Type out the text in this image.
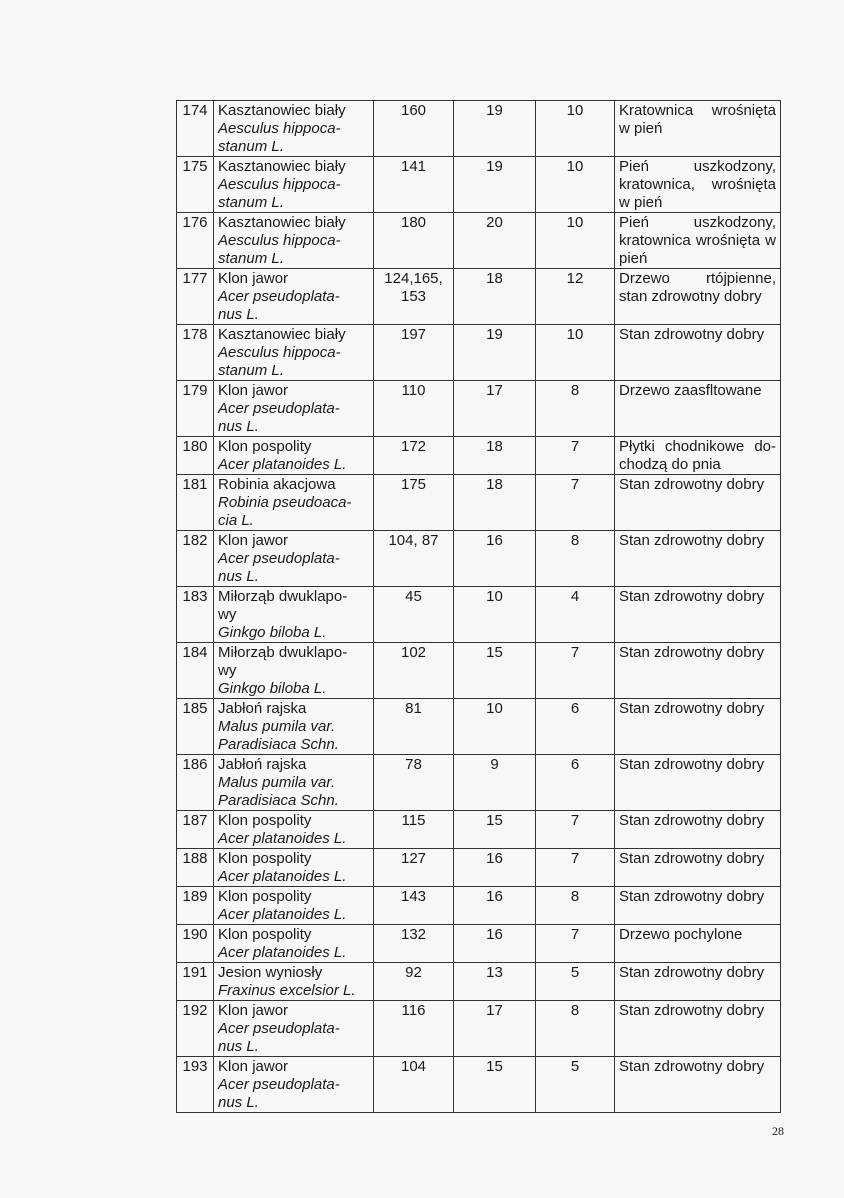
174	Kasztanowiec biały
Aesculus hippoca-
stanum L.	160	19	10	Kratownica wrośnięta w pień
175	Kasztanowiec biały
Aesculus hippoca-
stanum L.	141	19	10	Pień uszkodzony, kratownica, wrośnięta w pień
176	Kasztanowiec biały
Aesculus hippoca-
stanum L.	180	20	10	Pień uszkodzony, kratownica wrośnięta w pień
177	Klon jawor
Acer pseudoplata-
nus L.	124,165,
153	18	12	Drzewo rtójpienne, stan zdrowotny dobry
178	Kasztanowiec biały
Aesculus hippoca-
stanum L.	197	19	10	Stan zdrowotny dobry
179	Klon jawor
Acer pseudoplata-
nus L.	110	17	8	Drzewo zaasfltowane
180	Klon pospolity
Acer platanoides L.	172	18	7	Płytki chodnikowe do-chodzą do pnia
181	Robinia akacjowa
Robinia pseudoaca-
cia L.	175	18	7	Stan zdrowotny dobry
182	Klon jawor
Acer pseudoplata-
nus L.	104, 87	16	8	Stan zdrowotny dobry
183	Miłorząb dwuklapo-
wy
Ginkgo biloba L.	45	10	4	Stan zdrowotny dobry
184	Miłorząb dwuklapo-
wy
Ginkgo biloba L.	102	15	7	Stan zdrowotny dobry
185	Jabłoń rajska
Malus pumila var.
Paradisiaca Schn.	81	10	6	Stan zdrowotny dobry
186	Jabłoń rajska
Malus pumila var.
Paradisiaca Schn.	78	9	6	Stan zdrowotny dobry
187	Klon pospolity
Acer platanoides L.	115	15	7	Stan zdrowotny dobry
188	Klon pospolity
Acer platanoides L.	127	16	7	Stan zdrowotny dobry
189	Klon pospolity
Acer platanoides L.	143	16	8	Stan zdrowotny dobry
190	Klon pospolity
Acer platanoides L.	132	16	7	Drzewo pochylone
191	Jesion wyniosły
Fraxinus excelsior L.	92	13	5	Stan zdrowotny dobry
192	Klon jawor
Acer pseudoplata-
nus L.	116	17	8	Stan zdrowotny dobry
193	Klon jawor
Acer pseudoplata-
nus L.	104	15	5	Stan zdrowotny dobry
28
